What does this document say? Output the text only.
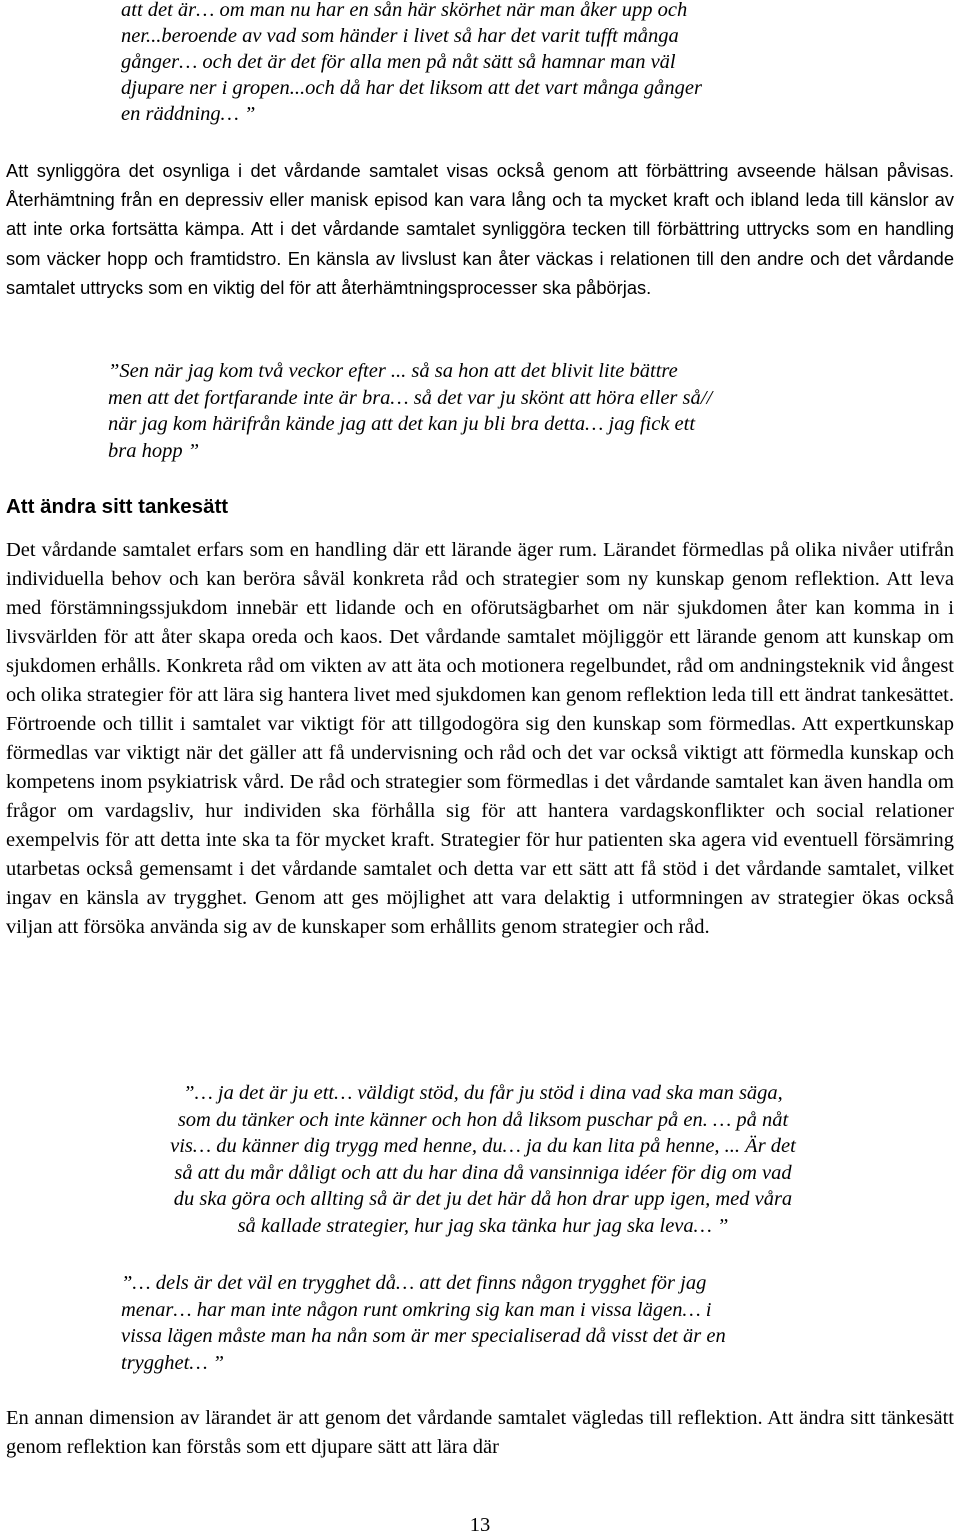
att det är… om man nu har en sån här skörhet när man åker upp och
ner...beroende av vad som händer i livet så har det varit tufft många
gånger… och det är det för alla men på nåt sätt så hamnar man väl
djupare ner i gropen...och då har det liksom att det vart många gånger
en räddning… ”

Att synliggöra det osynliga i det vårdande samtalet visas också genom att förbättring avseende hälsan påvisas. Återhämtning från en depressiv eller manisk episod kan vara lång och ta mycket kraft och ibland leda till känslor av att inte orka fortsätta kämpa. Att i det vårdande samtalet synliggöra tecken till förbättring uttrycks som en handling som väcker hopp och framtidstro. En känsla av livslust kan åter väckas i relationen till den andre och det vårdande samtalet uttrycks som en viktig del för att återhämtningsprocesser ska påbörjas.

”Sen när jag kom två veckor efter ... så sa hon att det blivit lite bättre
men att det fortfarande inte är bra… så det var ju skönt att höra eller så//
när jag kom härifrån kände jag att det kan ju bli bra detta… jag fick ett
bra hopp ”
Att ändra sitt tankesätt

Det vårdande samtalet erfars som en handling där ett lärande äger rum. Lärandet förmedlas på olika nivåer utifrån individuella behov och kan beröra såväl konkreta råd och strategier som ny kunskap genom reflektion. Att leva med förstämningssjukdom innebär ett lidande och en oförutsägbarhet om när sjukdomen åter kan komma in i livsvärlden för att åter skapa oreda och kaos. Det vårdande samtalet möjliggör ett lärande genom att kunskap om sjukdomen erhålls. Konkreta råd om vikten av att äta och motionera regelbundet, råd om andningsteknik vid ångest och olika strategier för att lära sig hantera livet med sjukdomen kan genom reflektion leda till ett ändrat tankesättet. Förtroende och tillit i samtalet var viktigt för att tillgodogöra sig den kunskap som förmedlas. Att expertkunskap förmedlas var viktigt när det gäller att få undervisning och råd och det var också viktigt att förmedla kunskap och kompetens inom psykiatrisk vård. De råd och strategier som förmedlas i det vårdande samtalet kan även handla om frågor om vardagsliv, hur individen ska förhålla sig för att hantera vardagskonflikter och social relationer exempelvis för att detta inte ska ta för mycket kraft. Strategier för hur patienten ska agera vid eventuell försämring utarbetas också gemensamt i det vårdande samtalet och detta var ett sätt att få stöd i det vårdande samtalet, vilket ingav en känsla av trygghet. Genom att ges möjlighet att vara delaktig i utformningen av strategier ökas också viljan att försöka använda sig av de kunskaper som erhållits genom strategier och råd.

”… ja det är ju ett… väldigt stöd, du får ju stöd i dina vad ska man säga,
som du tänker och inte känner och hon då liksom puschar på en. … på nåt
vis… du känner dig trygg med henne, du… ja du kan lita på henne, ... Är det
så att du mår dåligt och att du har dina då vansinniga idéer för dig om vad
du ska göra och allting så är det ju det här då hon drar upp igen, med våra
så kallade strategier, hur jag ska tänka hur jag ska leva… ”
”… dels är det väl en trygghet då… att det finns någon trygghet för jag
menar… har man inte någon runt omkring sig kan man i vissa lägen… i
vissa lägen måste man ha nån som är mer specialiserad då visst det är en
trygghet… ”

En annan dimension av lärandet är att genom det vårdande samtalet vägledas till reflektion. Att ändra sitt tänkesätt genom reflektion kan förstås som ett djupare sätt att lära där

13
